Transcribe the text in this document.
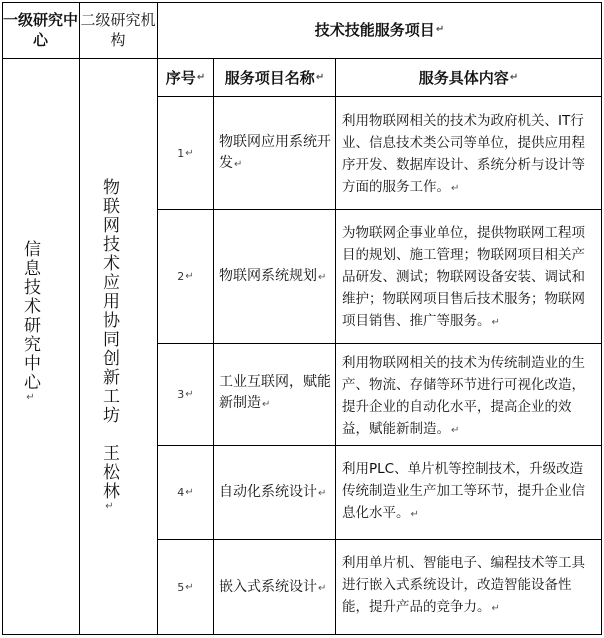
一级研究中心
二级研究机构
技术技能服务项目 ↵
序号 ↵ 服务项目名称 ↵	服务具体内容 ↵
信息技术研究中心↵	物联网技术应用协同创新工坊　王松林↵
1 ↵
物联网应用系统开发↵
利用物联网相关的技术为政府机关、IT行业、信息技术类公司等单位，提供应用程序开发、数据库设计、系统分析与设计等方面的服务工作。↵
2 ↵ 物联网系统规划↵
为物联网企事业单位，提供物联网工程项目的规划、施工管理；物联网项目相关产品研发、测试；物联网设备安装、调试和维护；物联网项目售后技术服务；物联网项目销售、推广等服务。↵
3 ↵
工业互联网，赋能新制造↵
利用物联网相关的技术为传统制造业的生产、物流、存储等环节进行可视化改造，提升企业的自动化水平，提高企业的效益，赋能新制造。↵
4 ↵ 自动化系统设计↵
利用PLC、单片机等控制技术，升级改造传统制造业生产加工等环节，提升企业信息化水平。↵
5 ↵ 嵌入式系统设计↵
利用单片机、智能电子、编程技术等工具进行嵌入式系统设计，改造智能设备性能，提升产品的竞争力。↵
